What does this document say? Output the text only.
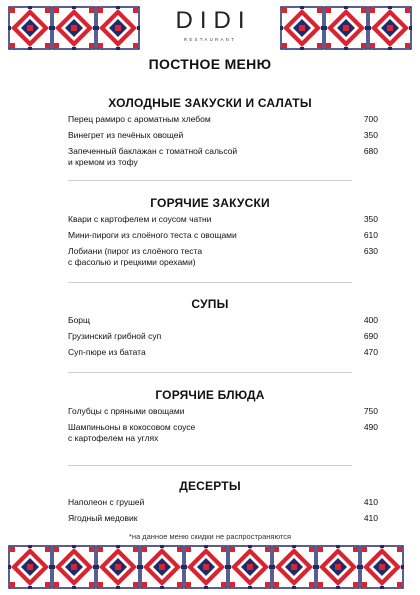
DIDI
RESTAURANT
ПОСТНОЕ МЕНЮ
ХОЛОДНЫЕ ЗАКУСКИ И САЛАТЫ
Перец рамиро с ароматным хлебом	700
Винегрет из печёных овощей	350
Запеченный баклажан с томатной сальсой
и кремом из тофу
680
ГОРЯЧИЕ ЗАКУСКИ
Квари с картофелем и соусом чатни	350
Мини-пироги из слоёного теста с овощами	610
Лобиани (пирог из слоёного теста
с фасолью и грецкими орехами)
630
СУПЫ
Борщ	400
Грузинский грибной суп	690
Суп-пюре из батата	470
ГОРЯЧИЕ БЛЮДА
Голубцы с пряными овощами	750
Шампиньоны в кокосовом соусе
с картофелем на углях
490
ДЕСЕРТЫ
Наполеон с грушей	410
Ягодный медовик	410
*на данное меню скидки не распространяются
